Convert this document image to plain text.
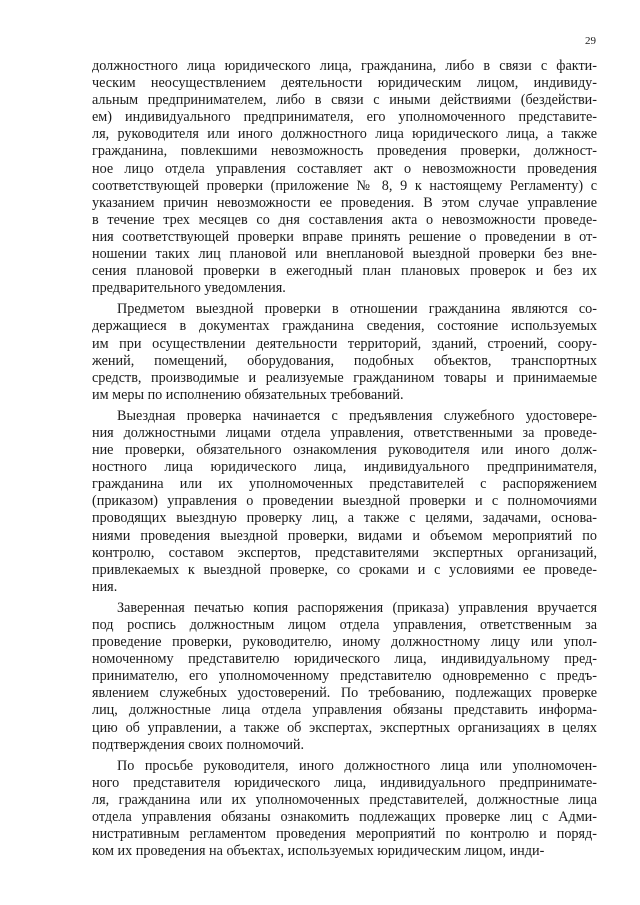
29
должностного лица юридического лица, гражданина, либо в связи с факти-
ческим неосуществлением деятельности юридическим лицом, индивиду-
альным предпринимателем, либо в связи с иными действиями (бездействи-
ем) индивидуального предпринимателя, его уполномоченного представите-
ля, руководителя или иного должностного лица юридического лица, а также
гражданина, повлекшими невозможность проведения проверки, должност-
ное лицо отдела управления составляет акт о невозможности проведения
соответствующей проверки (приложение № 8, 9 к настоящему Регламенту) с
указанием причин невозможности ее проведения. В этом случае управление
в течение трех месяцев со дня составления акта о невозможности проведе-
ния соответствующей проверки вправе принять решение о проведении в от-
ношении таких лиц плановой или внеплановой выездной проверки без вне-
сения плановой проверки в ежегодный план плановых проверок и без их
предварительного уведомления.
Предметом выездной проверки в отношении гражданина являются со-
держащиеся в документах гражданина сведения, состояние используемых
им при осуществлении деятельности территорий, зданий, строений, соору-
жений, помещений, оборудования, подобных объектов, транспортных
средств, производимые и реализуемые гражданином товары и принимаемые
им меры по исполнению обязательных требований.
Выездная проверка начинается с предъявления служебного удостовере-
ния должностными лицами отдела управления, ответственными за проведе-
ние проверки, обязательного ознакомления руководителя или иного долж-
ностного лица юридического лица, индивидуального предпринимателя,
гражданина или их уполномоченных представителей с распоряжением
(приказом) управления о проведении выездной проверки и с полномочиями
проводящих выездную проверку лиц, а также с целями, задачами, основа-
ниями проведения выездной проверки, видами и объемом мероприятий по
контролю, составом экспертов, представителями экспертных организаций,
привлекаемых к выездной проверке, со сроками и с условиями ее проведе-
ния.
Заверенная печатью копия распоряжения (приказа) управления вручается
под роспись должностным лицом отдела управления, ответственным за
проведение проверки, руководителю, иному должностному лицу или упол-
номоченному представителю юридического лица, индивидуальному пред-
принимателю, его уполномоченному представителю одновременно с предъ-
явлением служебных удостоверений. По требованию, подлежащих проверке
лиц, должностные лица отдела управления обязаны представить информа-
цию об управлении, а также об экспертах, экспертных организациях в целях
подтверждения своих полномочий.
По просьбе руководителя, иного должностного лица или уполномочен-
ного представителя юридического лица, индивидуального предпринимате-
ля, гражданина или их уполномоченных представителей, должностные лица
отдела управления обязаны ознакомить подлежащих проверке лиц с Адми-
нистративным регламентом проведения мероприятий по контролю и поряд-
ком их проведения на объектах, используемых юридическим лицом, инди-
